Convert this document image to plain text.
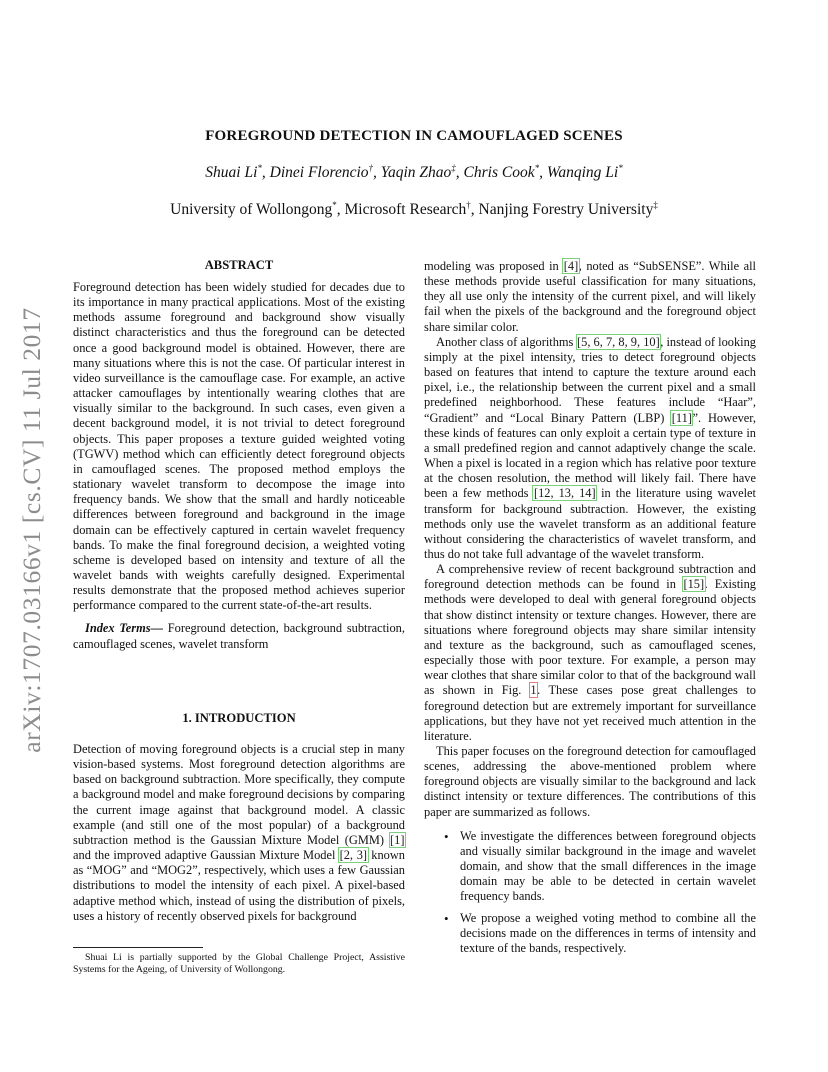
arXiv:1707.03166v1 [cs.CV] 11 Jul 2017
FOREGROUND DETECTION IN CAMOUFLAGED SCENES
Shuai Li*, Dinei Florencio†, Yaqin Zhao‡, Chris Cook*, Wanqing Li*
University of Wollongong*, Microsoft Research†, Nanjing Forestry University‡
ABSTRACT

Foreground detection has been widely studied for decades due to its importance in many practical applications. Most of the existing methods assume foreground and background show visually distinct characteristics and thus the foreground can be detected once a good background model is obtained. However, there are many situations where this is not the case. Of particular interest in video surveillance is the camouflage case. For example, an active attacker camouflages by intentionally wearing clothes that are visually similar to the background. In such cases, even given a decent background model, it is not trivial to detect foreground objects. This paper proposes a texture guided weighted voting (TGWV) method which can efficiently detect foreground objects in camouflaged scenes. The proposed method employs the stationary wavelet transform to decompose the image into frequency bands. We show that the small and hardly noticeable differences between foreground and background in the image domain can be effectively captured in certain wavelet frequency bands. To make the final foreground decision, a weighted voting scheme is developed based on intensity and texture of all the wavelet bands with weights carefully designed. Experimental results demonstrate that the proposed method achieves superior performance compared to the current state-of-the-art results.

Index Terms— Foreground detection, background subtraction, camouflaged scenes, wavelet transform

1. INTRODUCTION

Detection of moving foreground objects is a crucial step in many vision-based systems. Most foreground detection algorithms are based on background subtraction. More specifically, they compute a background model and make foreground decisions by comparing the current image against that background model. A classic example (and still one of the most popular) of a background subtraction method is the Gaussian Mixture Model (GMM) [1] and the improved adaptive Gaussian Mixture Model [2, 3] known as “MOG” and “MOG2”, respectively, which uses a few Gaussian distributions to model the intensity of each pixel. A pixel-based adaptive method which, instead of using the distribution of pixels, uses a history of recently observed pixels for background

Shuai Li is partially supported by the Global Challenge Project, Assistive Systems for the Ageing, of University of Wollongong.

modeling was proposed in [4], noted as “SubSENSE”. While all these methods provide useful classification for many situations, they all use only the intensity of the current pixel, and will likely fail when the pixels of the background and the foreground object share similar color.

Another class of algorithms [5, 6, 7, 8, 9, 10], instead of looking simply at the pixel intensity, tries to detect foreground objects based on features that intend to capture the texture around each pixel, i.e., the relationship between the current pixel and a small predefined neighborhood. These features include “Haar”, “Gradient” and “Local Binary Pattern (LBP) [11]”. However, these kinds of features can only exploit a certain type of texture in a small predefined region and cannot adaptively change the scale. When a pixel is located in a region which has relative poor texture at the chosen resolution, the method will likely fail. There have been a few methods [12, 13, 14] in the literature using wavelet transform for background subtraction. However, the existing methods only use the wavelet transform as an additional feature without considering the characteristics of wavelet transform, and thus do not take full advantage of the wavelet transform.

A comprehensive review of recent background subtraction and foreground detection methods can be found in [15]. Existing methods were developed to deal with general foreground objects that show distinct intensity or texture changes. However, there are situations where foreground objects may share similar intensity and texture as the background, such as camouflaged scenes, especially those with poor texture. For example, a person may wear clothes that share similar color to that of the background wall as shown in Fig. 1. These cases pose great challenges to foreground detection but are extremely important for surveillance applications, but they have not yet received much attention in the literature.

This paper focuses on the foreground detection for camouflaged scenes, addressing the above-mentioned problem where foreground objects are visually similar to the background and lack distinct intensity or texture differences. The contributions of this paper are summarized as follows.

• We investigate the differences between foreground objects and visually similar background in the image and wavelet domain, and show that the small differences in the image domain may be able to be detected in certain wavelet frequency bands.
• We propose a weighed voting method to combine all the decisions made on the differences in terms of intensity and texture of the bands, respectively.
